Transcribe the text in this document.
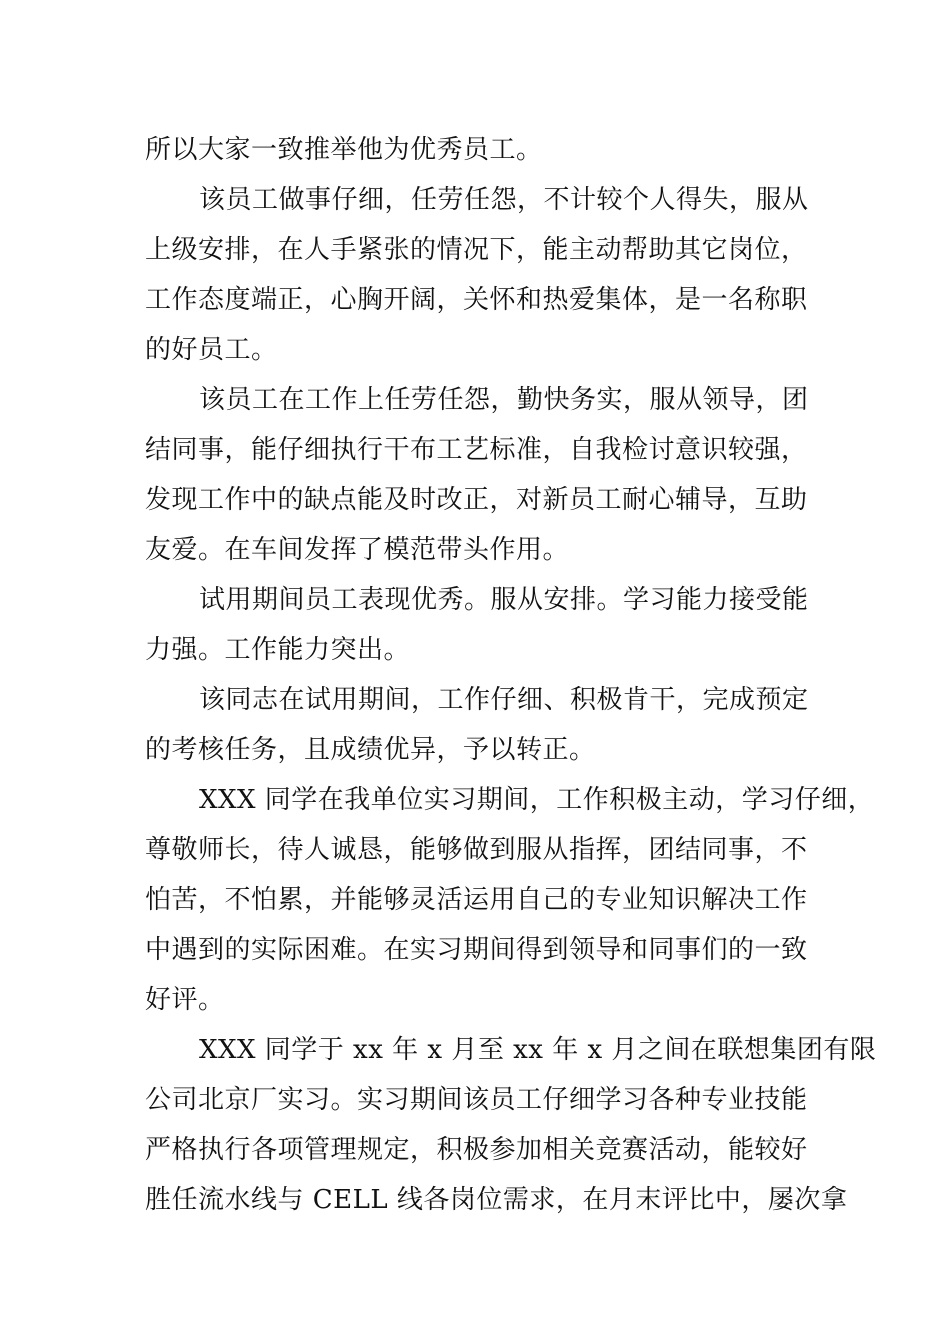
所以大家一致推举他为优秀员工。
该员工做事仔细，任劳任怨，不计较个人得失，服从
上级安排，在人手紧张的情况下，能主动帮助其它岗位，
工作态度端正，心胸开阔，关怀和热爱集体，是一名称职
的好员工。
该员工在工作上任劳任怨，勤快务实，服从领导，团
结同事，能仔细执行干布工艺标准，自我检讨意识较强，
发现工作中的缺点能及时改正，对新员工耐心辅导，互助
友爱。在车间发挥了模范带头作用。
试用期间员工表现优秀。服从安排。学习能力接受能
力强。工作能力突出。
该同志在试用期间，工作仔细、积极肯干，完成预定
的考核任务，且成绩优异，予以转正。
XXX 同学在我单位实习期间，工作积极主动，学习仔细，
尊敬师长，待人诚恳，能够做到服从指挥，团结同事，不
怕苦，不怕累，并能够灵活运用自己的专业知识解决工作
中遇到的实际困难。在实习期间得到领导和同事们的一致
好评。
XXX 同学于 xx 年 x 月至 xx 年 x 月之间在联想集团有限
公司北京厂实习。实习期间该员工仔细学习各种专业技能
严格执行各项管理规定，积极参加相关竞赛活动，能较好
胜任流水线与 CELL 线各岗位需求，在月末评比中，屡次拿
